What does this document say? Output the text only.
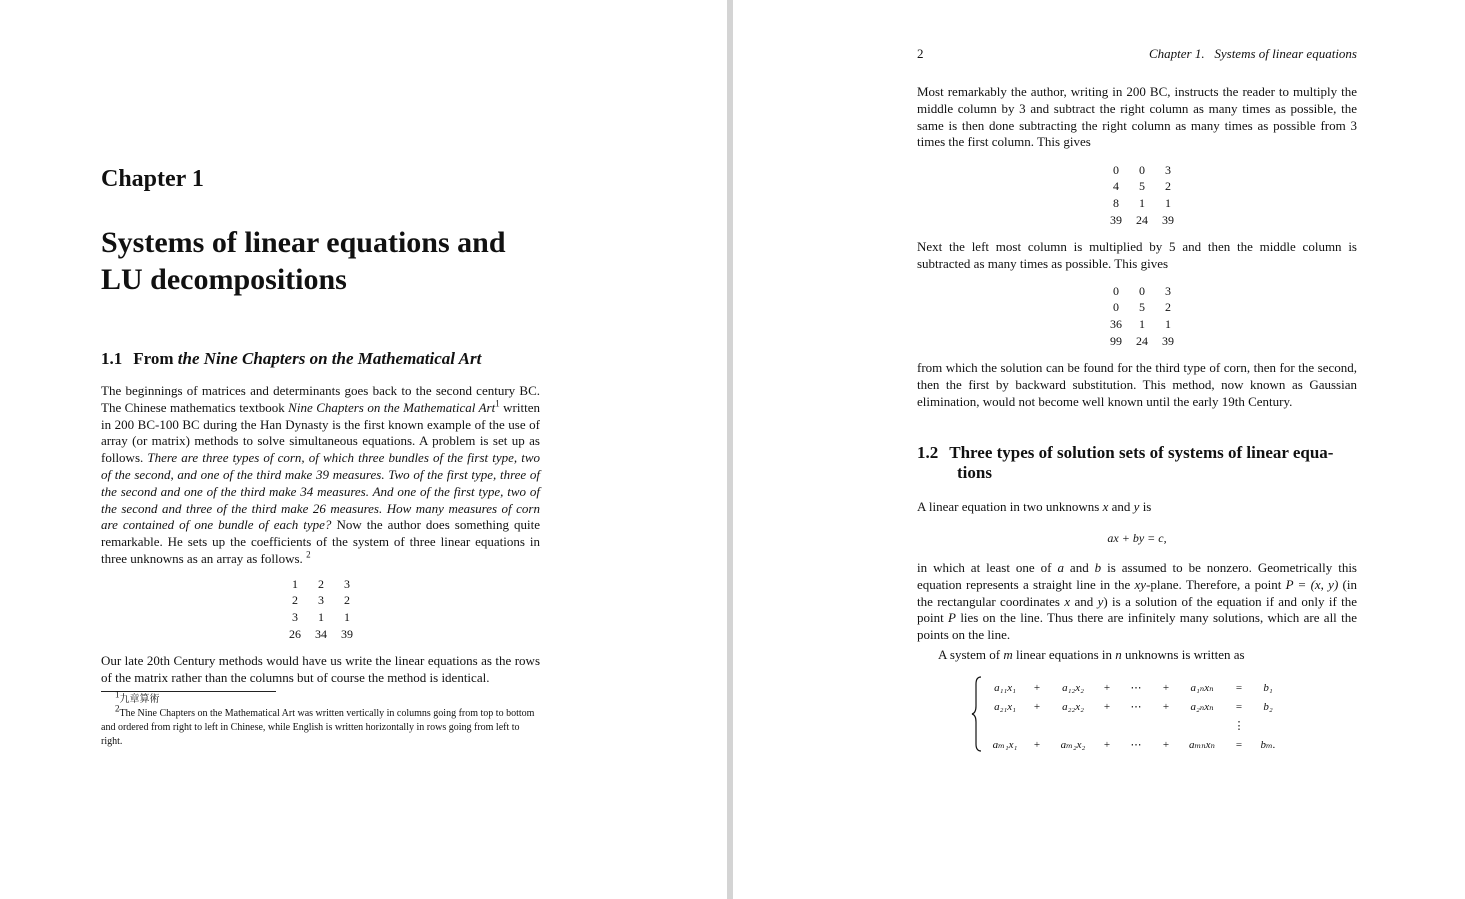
Chapter 1
Systems of linear equations and
LU decompositions
1.1 From the Nine Chapters on the Mathematical Art
The beginnings of matrices and determinants goes back to the second century BC. The Chinese mathematics textbook Nine Chapters on the Mathematical Art$^1$ written in 200 BC-100 BC during the Han Dynasty is the first known example of the use of array (or matrix) methods to solve simultaneous equations. A problem is set up as follows. There are three types of corn, of which three bundles of the first type, two of the second, and one of the third make 39 measures. Two of the first type, three of the second and one of the third make 34 measures. And one of the first type, two of the second and three of the third make 26 measures. How many measures of corn are contained of one bundle of each type? Now the author does something quite remarkable. He sets up the coefficients of the system of three linear equations in three unknowns as an array as follows. $^2$
1	2	3
2	3	2
3	1	1
26	34	39
Our late 20th Century methods would have us write the linear equations as the rows of the matrix rather than the columns but of course the method is identical.
$^1$九章算術
$^2$The Nine Chapters on the Mathematical Art was written vertically in columns going from top to bottom and ordered from right to left in Chinese, while English is written horizontally in rows going from left to right.
2	Chapter 1.   Systems of linear equations
Most remarkably the author, writing in 200 BC, instructs the reader to multiply the middle column by 3 and subtract the right column as many times as possible, the same is then done subtracting the right column as many times as possible from 3 times the first column. This gives
0	0	3
4	5	2
8	1	1
39	24	39
Next the left most column is multiplied by 5 and then the middle column is subtracted as many times as possible. This gives
0	0	3
0	5	2
36	1	1
99	24	39
from which the solution can be found for the third type of corn, then for the second, then the first by backward substitution. This method, now known as Gaussian elimination, would not become well known until the early 19th Century.
1.2 Three types of solution sets of systems of linear equa-
tions
A linear equation in two unknowns x and y is
ax + by = c,
in which at least one of a and b is assumed to be nonzero. Geometrically this equation represents a straight line in the xy-plane. Therefore, a point P = (x, y) (in the rectangular coordinates x and y) is a solution of the equation if and only if the point P lies on the line. Thus there are infinitely many solutions, which are all the points on the line.
A system of m linear equations in n unknowns is written as
a₁₁x₁	+	a₁₂x₂	+	⋯	+	a₁ₙxₙ	=	b₁
a₂₁x₁	+	a₂₂x₂	+	⋯	+	a₂ₙxₙ	=	b₂
							⋮	
aₘ₁x₁	+	aₘ₂x₂	+	⋯	+	aₘₙxₙ	=	bₘ.
